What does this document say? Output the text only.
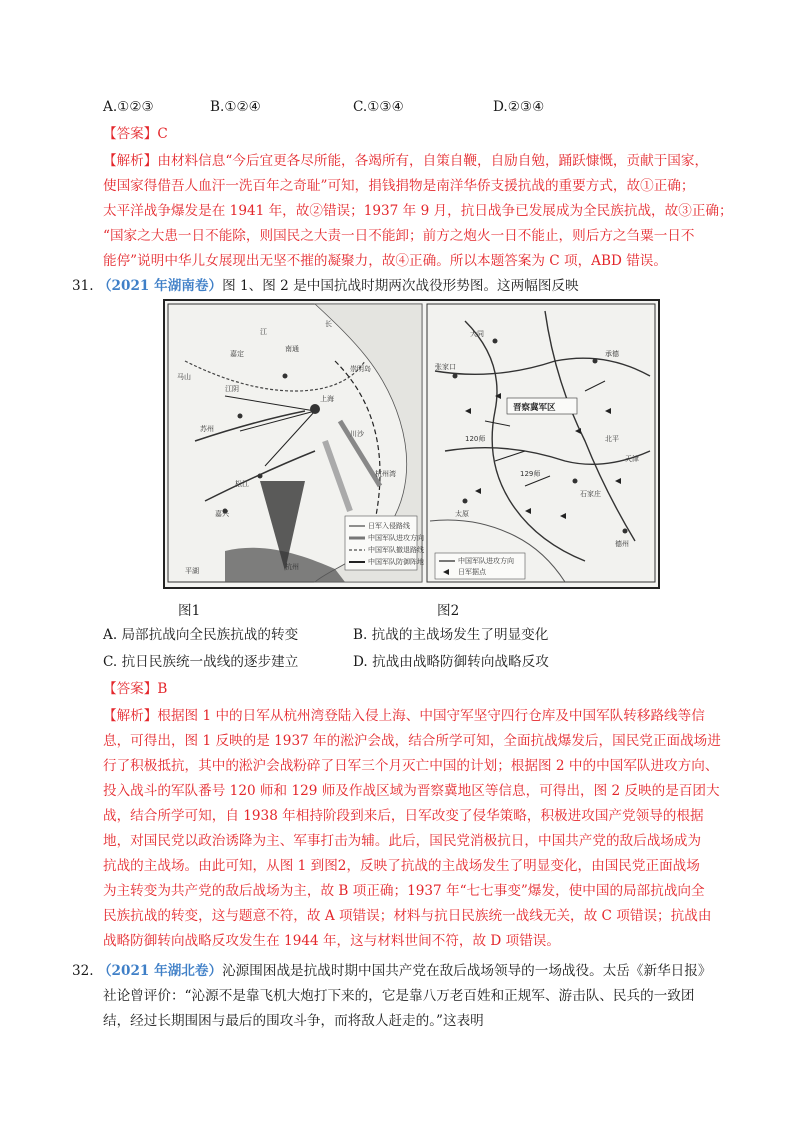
A.①②③	B.①②④	C.①③④	D.②③④
【答案】C
【解析】由材料信息“今后宜更各尽所能，各竭所有，自策自鞭，自励自勉，踊跃慷慨，贡献于国家，
使国家得借吾人血汗一洗百年之奇耻”可知，捐钱捐物是南洋华侨支援抗战的重要方式，故①正确；
太平洋战争爆发是在 1941 年，故②错误；1937 年 9 月，抗日战争已发展成为全民族抗战，故③正确；
“国家之大患一日不能除，则国民之大责一日不能卸；前方之炮火一日不能止，则后方之刍粟一日不
能停”说明中华儿女展现出无坚不摧的凝聚力，故④正确。所以本题答案为 C 项，ABD 错误。
31. （2021 年湖南卷）图 1、图 2 是中国抗战时期两次战役形势图。这两幅图反映
江
长
嘉定
马山
江阴
苏州
上海
南通
川沙
杭州湾
嘉兴
平湖	杭州
松江
崇明岛
日军入侵路线
中国军队进攻方向
中国军队撤退路线
中国军队防御阵地
晋察冀军区
承德
北平
张家口
120师
129师
太原
石家庄
德州
大同
天津
中国军队进攻方向
日军据点
图1	图2
A. 局部抗战向全民族抗战的转变	B. 抗战的主战场发生了明显变化
C. 抗日民族统一战线的逐步建立	D. 抗战由战略防御转向战略反攻
【答案】B
【解析】根据图 1 中的日军从杭州湾登陆入侵上海、中国守军坚守四行仓库及中国军队转移路线等信
息，可得出，图 1 反映的是 1937 年的淞沪会战，结合所学可知，全面抗战爆发后，国民党正面战场进
行了积极抵抗，其中的淞沪会战粉碎了日军三个月灭亡中国的计划；根据图 2 中的中国军队进攻方向、
投入战斗的军队番号 120 师和 129 师及作战区域为晋察冀地区等信息，可得出，图 2 反映的是百团大
战，结合所学可知，自 1938 年相持阶段到来后，日军改变了侵华策略，积极进攻国产党领导的根据
地，对国民党以政治诱降为主、军事打击为辅。此后，国民党消极抗日，中国共产党的敌后战场成为
抗战的主战场。由此可知，从图 1 到图2，反映了抗战的主战场发生了明显变化，由国民党正面战场
为主转变为共产党的敌后战场为主，故 B 项正确；1937 年“七七事变”爆发，使中国的局部抗战向全
民族抗战的转变，这与题意不符，故 A 项错误；材料与抗日民族统一战线无关，故 C 项错误；抗战由
战略防御转向战略反攻发生在 1944 年，这与材料世间不符，故 D 项错误。
32. （2021 年湖北卷）沁源围困战是抗战时期中国共产党在敌后战场领导的一场战役。太岳《新华日报》
社论曾评价：“沁源不是靠飞机大炮打下来的，它是靠八万老百姓和正规军、游击队、民兵的一致团
结，经过长期围困与最后的围攻斗争，而将敌人赶走的。”这表明
